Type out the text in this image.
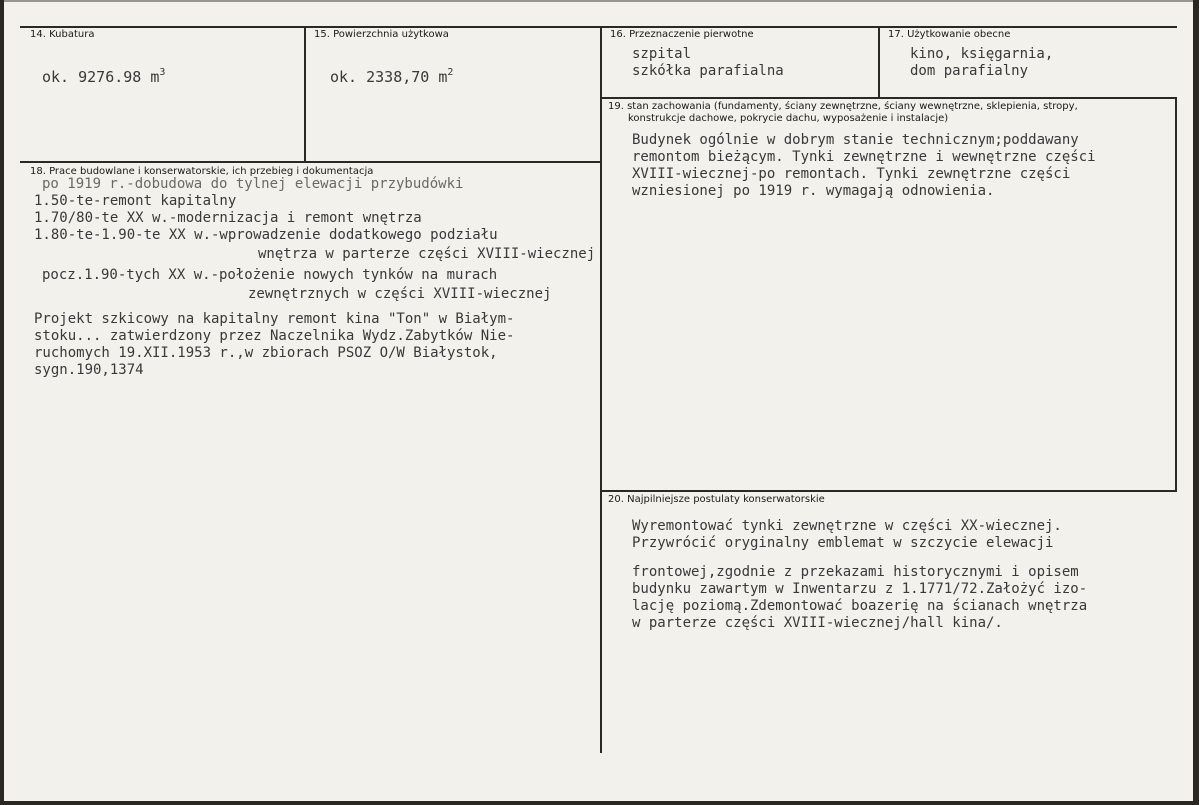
14. Kubatura
ok. 9276.98 $m^3$
15. Powierzchnia użytkowa
ok. 2338,70 $m^2$
16. Przeznaczenie pierwotne
szpital
szkółka parafialna
17. Użytkowanie obecne
kino, księgarnia,
dom parafialny
18. Prace budowlane i konserwatorskie, ich przebieg i dokumentacja
po 1919 r.-dobudowa do tylnej elewacji przybudówki
1.50-te-remont kapitalny
1.70/80-te XX w.-modernizacja i remont wnętrza
1.80-te-1.90-te XX w.-wprowadzenie dodatkowego podziału
wnętrza w parterze części XVIII-wiecznej
pocz.1.90-tych XX w.-położenie nowych tynków na murach
zewnętrznych w części XVIII-wiecznej
Projekt szkicowy na kapitalny remont kina "Ton" w Białym-
stoku... zatwierdzony przez Naczelnika Wydz.Zabytków Nie-
ruchomych 19.XII.1953 r.,w zbiorach PSOZ O/W Białystok,
sygn.190,1374
19. stan zachowania (fundamenty, ściany zewnętrzne, ściany wewnętrzne, sklepienia, stropy,
konstrukcje dachowe, pokrycie dachu, wyposażenie i instalacje)
Budynek ogólnie w dobrym stanie technicznym;poddawany
remontom bieżącym. Tynki zewnętrzne i wewnętrzne części
XVIII-wiecznej-po remontach. Tynki zewnętrzne części
wzniesionej po 1919 r. wymagają odnowienia.
20. Najpilniejsze postulaty konserwatorskie
Wyremontować tynki zewnętrzne w części XX-wiecznej.
Przywrócić oryginalny emblemat w szczycie elewacji
frontowej,zgodnie z przekazami historycznymi i opisem
budynku zawartym w Inwentarzu z 1.1771/72.Założyć izo-
lację poziomą.Zdemontować boazerię na ścianach wnętrza
w parterze części XVIII-wiecznej/hall kina/.
